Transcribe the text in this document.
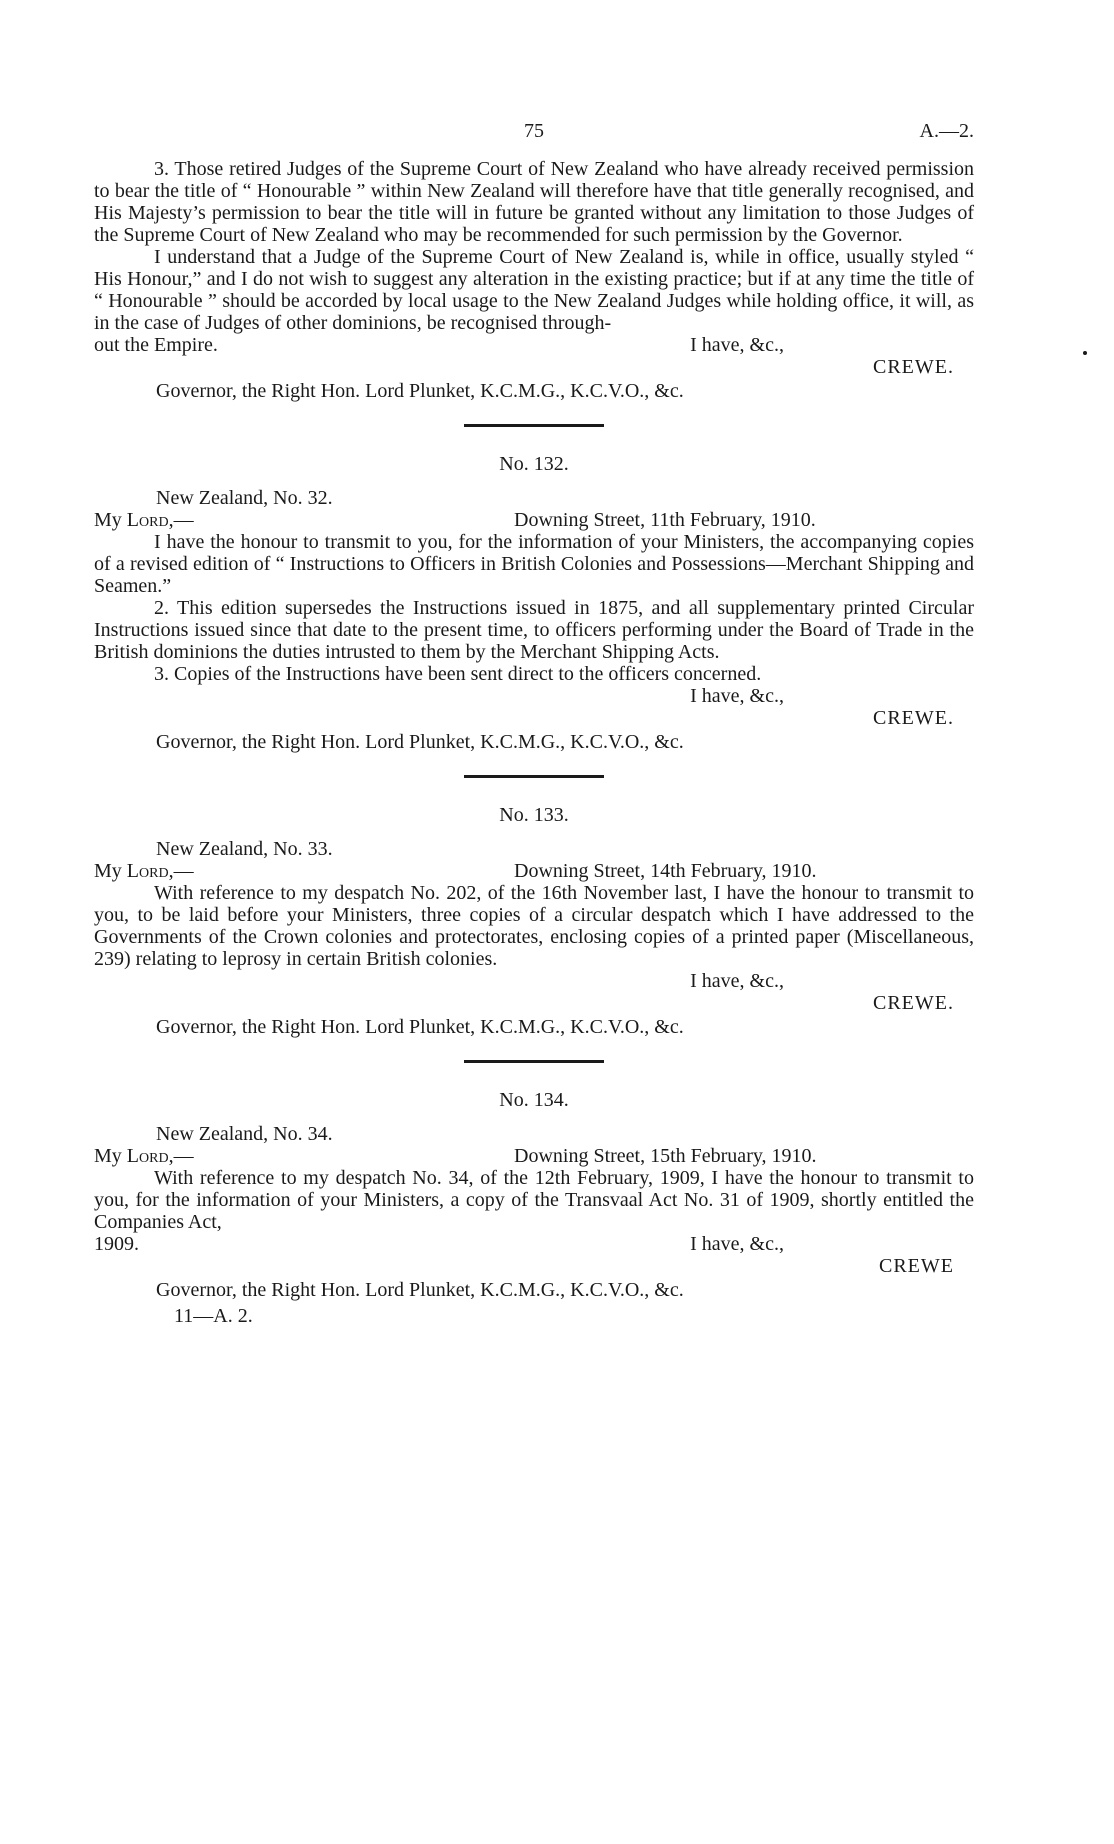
75	A.—2.

3. Those retired Judges of the Supreme Court of New Zealand who have already received permission to bear the title of “ Honourable ” within New Zealand will therefore have that title generally recognised, and His Majesty’s permission to bear the title will in future be granted without any limitation to those Judges of the Supreme Court of New Zealand who may be recommended for such permission by the Governor.

I understand that a Judge of the Supreme Court of New Zealand is, while in office, usually styled “ His Honour,” and I do not wish to suggest any alteration in the existing practice; but if at any time the title of “ Honourable ” should be accorded by local usage to the New Zealand Judges while holding office, it will, as in the case of Judges of other dominions, be recognised through-

out the Empire.	I have, &c.,

CREWE.

Governor, the Right Hon. Lord Plunket, K.C.M.G., K.C.V.O., &c.

No. 132.

New Zealand, No. 32.

My Lord,—	Downing Street, 11th February, 1910.

I have the honour to transmit to you, for the information of your Ministers, the accompanying copies of a revised edition of “ Instructions to Officers in British Colonies and Possessions—Merchant Shipping and Seamen.”

2. This edition supersedes the Instructions issued in 1875, and all supplementary printed Circular Instructions issued since that date to the present time, to officers performing under the Board of Trade in the British dominions the duties intrusted to them by the Merchant Shipping Acts.

3. Copies of the Instructions have been sent direct to the officers concerned.

I have, &c.,

CREWE.

Governor, the Right Hon. Lord Plunket, K.C.M.G., K.C.V.O., &c.

No. 133.

New Zealand, No. 33.

My Lord,—	Downing Street, 14th February, 1910.

With reference to my despatch No. 202, of the 16th November last, I have the honour to transmit to you, to be laid before your Ministers, three copies of a circular despatch which I have addressed to the Governments of the Crown colonies and protectorates, enclosing copies of a printed paper (Miscellaneous, 239) relating to leprosy in certain British colonies.

I have, &c.,

CREWE.

Governor, the Right Hon. Lord Plunket, K.C.M.G., K.C.V.O., &c.

No. 134.

New Zealand, No. 34.

My Lord,—	Downing Street, 15th February, 1910.

With reference to my despatch No. 34, of the 12th February, 1909, I have the honour to transmit to you, for the information of your Ministers, a copy of the Transvaal Act No. 31 of 1909, shortly entitled the Companies Act,

1909.	I have, &c.,

CREWE

Governor, the Right Hon. Lord Plunket, K.C.M.G., K.C.V.O., &c.

11—A. 2.
